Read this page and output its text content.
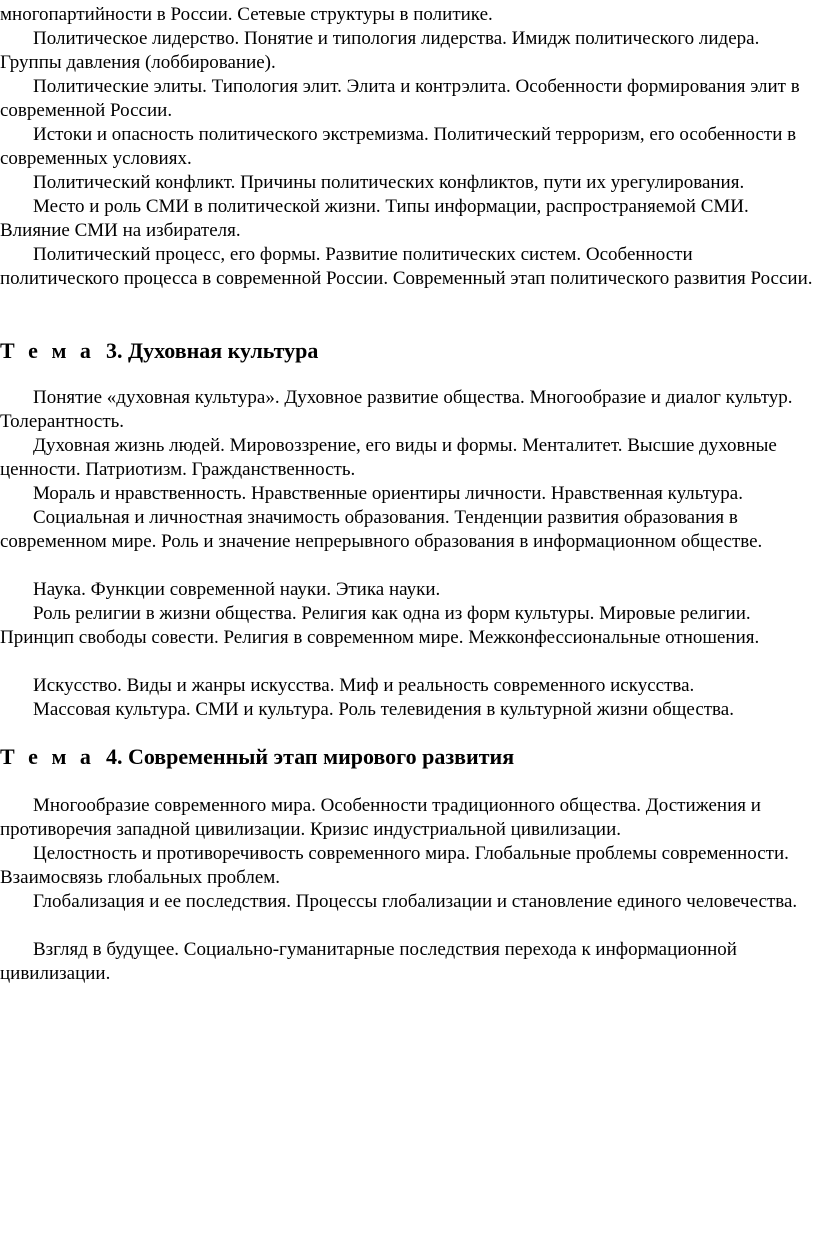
многопартийности в России. Сетевые структуры в политике.

Политическое лидерство. Понятие и типология лидерства. Имидж политического лидера. Группы давления (лоббирование).

Политические элиты. Типология элит. Элита и контрэлита. Особенности формирования элит в современной России.

Истоки и опасность политического экстремизма. Политический терроризм, его особенности в современных условиях.

Политический конфликт. Причины политических конфликтов, пути их урегулирования.

Место и роль СМИ в политической жизни. Типы информации, распространяемой СМИ. Влияние СМИ на избирателя.

Политический процесс, его формы. Развитие политических систем. Особенности политического процесса в современной России. Современный этап политического развития России.

Т е м а 3. Духовная культура

Понятие «духовная культура». Духовное развитие общества. Многообразие и диалог культур. Толерантность.

Духовная жизнь людей. Мировоззрение, его виды и формы. Менталитет. Высшие духовные ценности. Патриотизм. Гражданственность.

Мораль и нравственность. Нравственные ориентиры личности. Нравственная культура.

Социальная и личностная значимость образования. Тенденции развития образования в современном мире. Роль и значение непрерывного образования в информационном обществе.

Наука. Функции современной науки. Этика науки.

Роль религии в жизни общества. Религия как одна из форм культуры. Мировые религии. Принцип свободы совести. Религия в современном мире. Межконфессиональные отношения.

Искусство. Виды и жанры искусства. Миф и реальность современного искусства.

Массовая культура. СМИ и культура. Роль телевидения в культурной жизни общества.

Т е м а 4. Современный этап мирового развития

Многообразие современного мира. Особенности традиционного общества. Достижения и противоречия западной цивилизации. Кризис индустриальной цивилизации.

Целостность и противоречивость современного мира. Глобальные проблемы современности. Взаимосвязь глобальных проблем.

Глобализация и ее последствия. Процессы глобализации и становление единого человечества.

Взгляд в будущее. Социально-гуманитарные последствия перехода к информационной цивилизации.
